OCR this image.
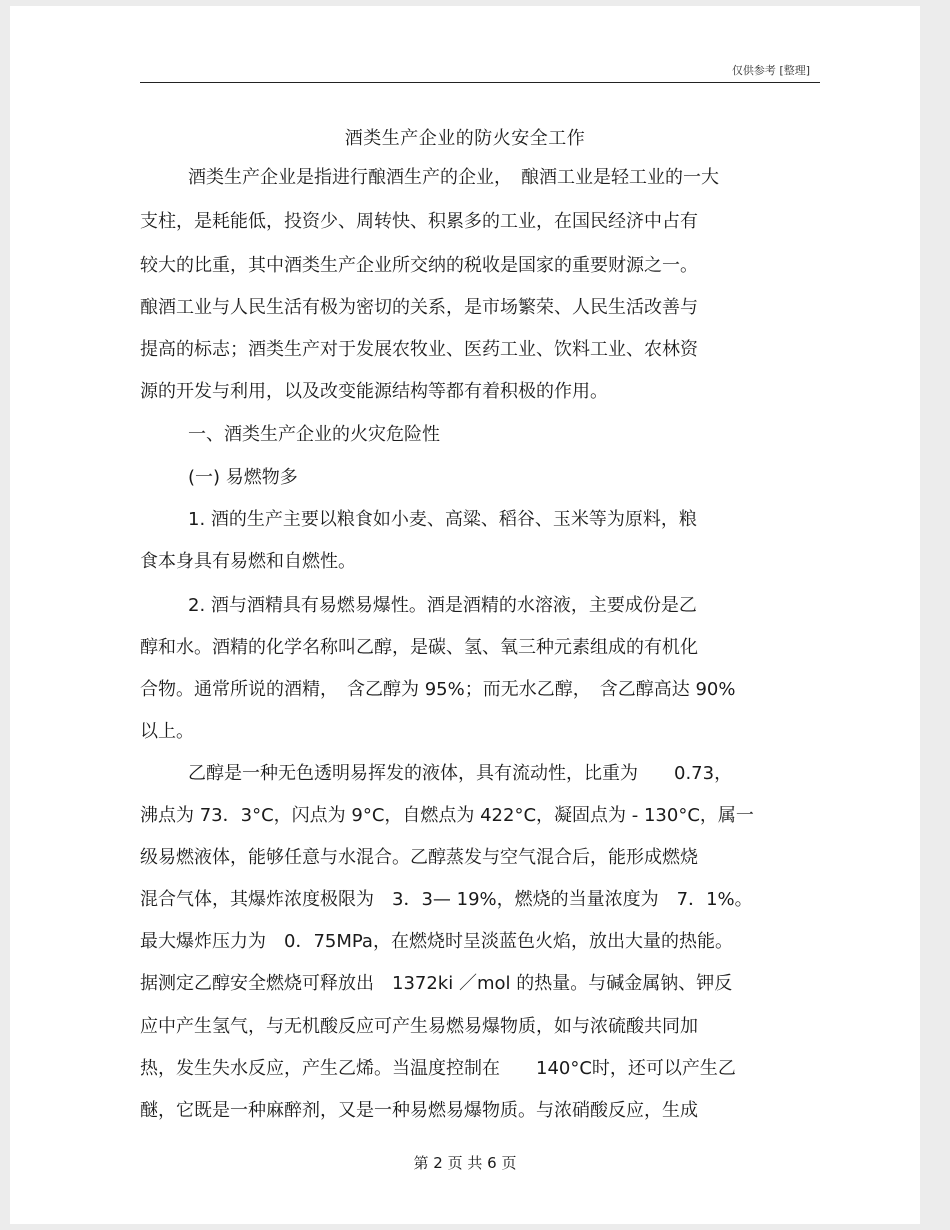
仅供参考 [整理]
酒类生产企业的防火安全工作
酒类生产企业是指进行酿酒生产的企业，　酿酒工业是轻工业的一大
支柱，是耗能低，投资少、周转快、积累多的工业，在国民经济中占有
较大的比重，其中酒类生产企业所交纳的税收是国家的重要财源之一。
酿酒工业与人民生活有极为密切的关系，是市场繁荣、人民生活改善与
提高的标志；酒类生产对于发展农牧业、医药工业、饮料工业、农林资
源的开发与利用，以及改变能源结构等都有着积极的作用。
一、酒类生产企业的火灾危险性
(一) 易燃物多
1. 酒的生产主要以粮食如小麦、高粱、稻谷、玉米等为原料，粮
食本身具有易燃和自燃性。
2. 酒与酒精具有易燃易爆性。酒是酒精的水溶液，主要成份是乙
醇和水。酒精的化学名称叫乙醇，是碳、氢、氧三种元素组成的有机化
合物。通常所说的酒精，　含乙醇为 95%；而无水乙醇，　含乙醇高达 90%
以上。
乙醇是一种无色透明易挥发的液体，具有流动性，比重为　　0.73，
沸点为 73．3°C，闪点为 9°C，自燃点为 422°C，凝固点为 - 130°C，属一
级易燃液体，能够任意与水混合。乙醇蒸发与空气混合后，能形成燃烧
混合气体，其爆炸浓度极限为　3．3— 19%，燃烧的当量浓度为　7．1%。
最大爆炸压力为　0．75MPa，在燃烧时呈淡蓝色火焰，放出大量的热能。
据测定乙醇安全燃烧可释放出　1372ki ／mol 的热量。与碱金属钠、钾反
应中产生氢气，与无机酸反应可产生易燃易爆物质，如与浓硫酸共同加
热，发生失水反应，产生乙烯。当温度控制在　　140°C时，还可以产生乙
醚，它既是一种麻醉剂，又是一种易燃易爆物质。与浓硝酸反应，生成
第 2 页 共 6 页
